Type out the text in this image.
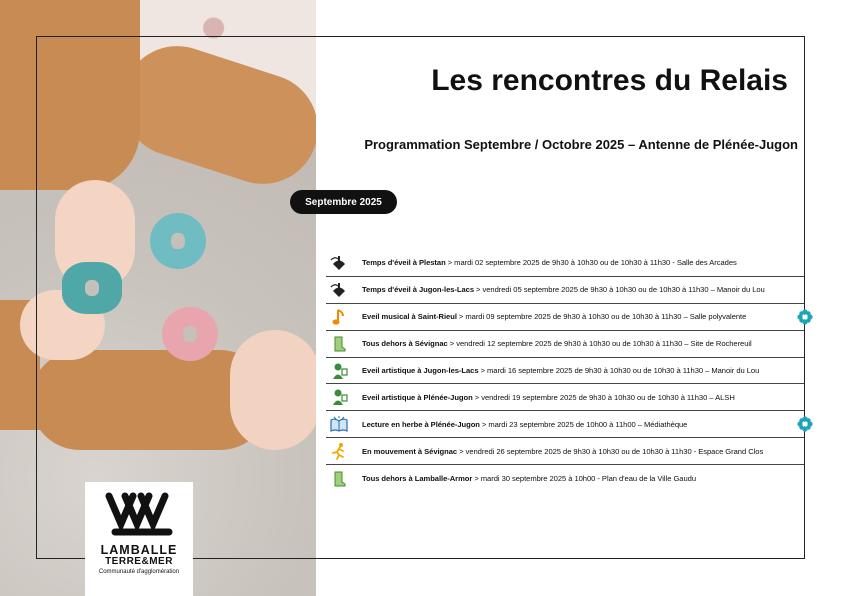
Les rencontres du Relais
Programmation Septembre / Octobre 2025 – Antenne de Plénée-Jugon
Septembre 2025
Temps d'éveil à Plestan > mardi 02 septembre 2025 de 9h30 à 10h30 ou de 10h30 à 11h30 - Salle des Arcades
Temps d'éveil à Jugon-les-Lacs > vendredi 05 septembre 2025 de 9h30 à 10h30 ou de 10h30 à 11h30 – Manoir du Lou
Eveil musical à Saint-Rieul > mardi 09 septembre 2025 de 9h30 à 10h30 ou de 10h30 à 11h30 – Salle polyvalente
Tous dehors à Sévignac > vendredi 12 septembre 2025 de 9h30 à 10h30 ou de 10h30 à 11h30 – Site de Rochereuil
Eveil artistique à Jugon-les-Lacs > mardi 16 septembre 2025 de 9h30 à 10h30 ou de 10h30 à 11h30 – Manoir du Lou
Eveil artistique à Plénée-Jugon > vendredi 19 septembre 2025 de 9h30 à 10h30 ou de 10h30 à 11h30 – ALSH
Lecture en herbe à Plénée-Jugon > mardi 23 septembre 2025 de 10h00 à 11h00 – Médiathèque
En mouvement à Sévignac > vendredi 26 septembre 2025 de 9h30 à 10h30 ou de 10h30 à 11h30 - Espace Grand Clos
Tous dehors à Lamballe-Armor > mardi 30 septembre 2025 à 10h00 - Plan d'eau de la Ville Gaudu
LAMBALLE
TERRE&MER
Communauté d'agglomération
